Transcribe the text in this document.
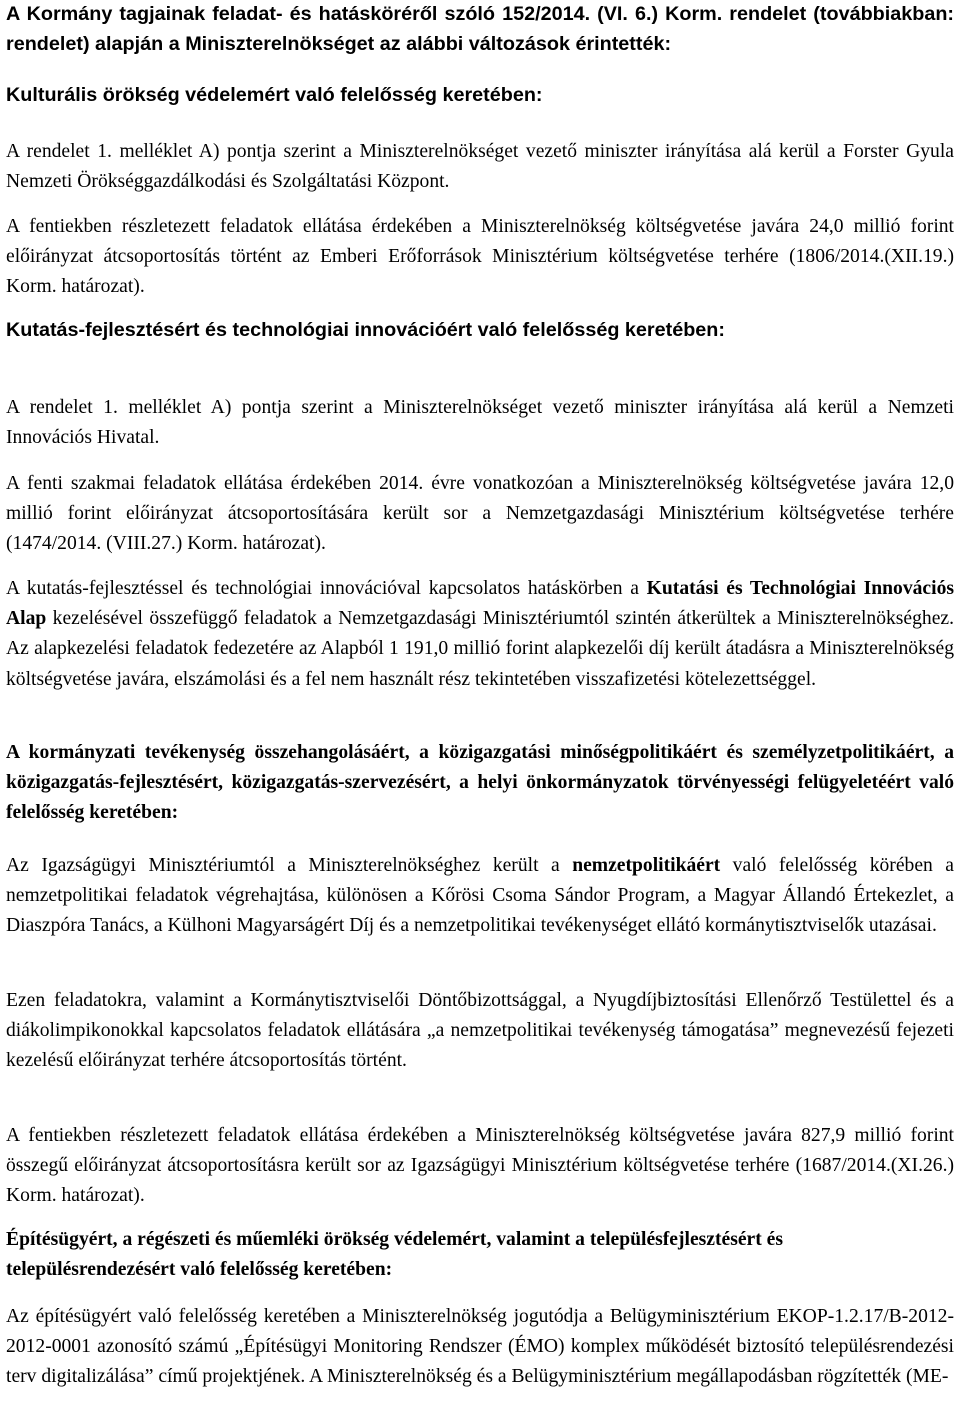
A Kormány tagjainak feladat- és hatásköréről szóló 152/2014. (VI. 6.) Korm. rendelet (továbbiakban: rendelet) alapján a Miniszterelnökséget az alábbi változások érintették:

Kulturális örökség védelemért való felelősség keretében:

A rendelet 1. melléklet A) pontja szerint a Miniszterelnökséget vezető miniszter irányítása alá kerül a Forster Gyula Nemzeti Örökséggazdálkodási és Szolgáltatási Központ.

A fentiekben részletezett feladatok ellátása érdekében a Miniszterelnökség költségvetése javára 24,0 millió forint előirányzat átcsoportosítás történt az Emberi Erőforrások Minisztérium költségvetése terhére (1806/2014.(XII.19.) Korm. határozat).

Kutatás-fejlesztésért és technológiai innovációért való felelősség keretében:

A rendelet 1. melléklet A) pontja szerint a Miniszterelnökséget vezető miniszter irányítása alá kerül a Nemzeti Innovációs Hivatal.

A fenti szakmai feladatok ellátása érdekében 2014. évre vonatkozóan a Miniszterelnökség költségvetése javára 12,0 millió forint előirányzat átcsoportosítására került sor a Nemzetgazdasági Minisztérium költségvetése terhére (1474/2014. (VIII.27.) Korm. határozat).

A kutatás-fejlesztéssel és technológiai innovációval kapcsolatos hatáskörben a Kutatási és Technológiai Innovációs Alap kezelésével összefüggő feladatok a Nemzetgazdasági Minisztériumtól szintén átkerültek a Miniszterelnökséghez. Az alapkezelési feladatok fedezetére az Alapból 1 191,0 millió forint alapkezelői díj került átadásra a Miniszterelnökség költségvetése javára, elszámolási és a fel nem használt rész tekintetében visszafizetési kötelezettséggel.

A kormányzati tevékenység összehangolásáért, a közigazgatási minőségpolitikáért és személyzetpolitikáért, a közigazgatás-fejlesztésért, közigazgatás-szervezésért, a helyi önkormányzatok törvényességi felügyeletéért való felelősség keretében:

Az Igazságügyi Minisztériumtól a Miniszterelnökséghez került a nemzetpolitikáért való felelősség körében a nemzetpolitikai feladatok végrehajtása, különösen a Kőrösi Csoma Sándor Program, a Magyar Állandó Értekezlet, a Diaszpóra Tanács, a Külhoni Magyarságért Díj és a nemzetpolitikai tevékenységet ellátó kormánytisztviselők utazásai.

Ezen feladatokra, valamint a Kormánytisztviselői Döntőbizottsággal, a Nyugdíjbiztosítási Ellenőrző Testülettel és a diákolimpikonokkal kapcsolatos feladatok ellátására „a nemzetpolitikai tevékenység támogatása” megnevezésű fejezeti kezelésű előirányzat terhére átcsoportosítás történt.

A fentiekben részletezett feladatok ellátása érdekében a Miniszterelnökség költségvetése javára 827,9 millió forint összegű előirányzat átcsoportosításra került sor az Igazságügyi Minisztérium költségvetése terhére (1687/2014.(XI.26.) Korm. határozat).

Építésügyért, a régészeti és műemléki örökség védelemért, valamint a településfejlesztésért és településrendezésért való felelősség keretében:

Az építésügyért való felelősség keretében a Miniszterelnökség jogutódja a Belügyminisztérium EKOP-1.2.17/B-2012-2012-0001 azonosító számú „Építésügyi Monitoring Rendszer (ÉMO) komplex működését biztosító településrendezési terv digitalizálása” című projektjének. A Miniszterelnökség és a Belügyminisztérium megállapodásban rögzítették (ME-
